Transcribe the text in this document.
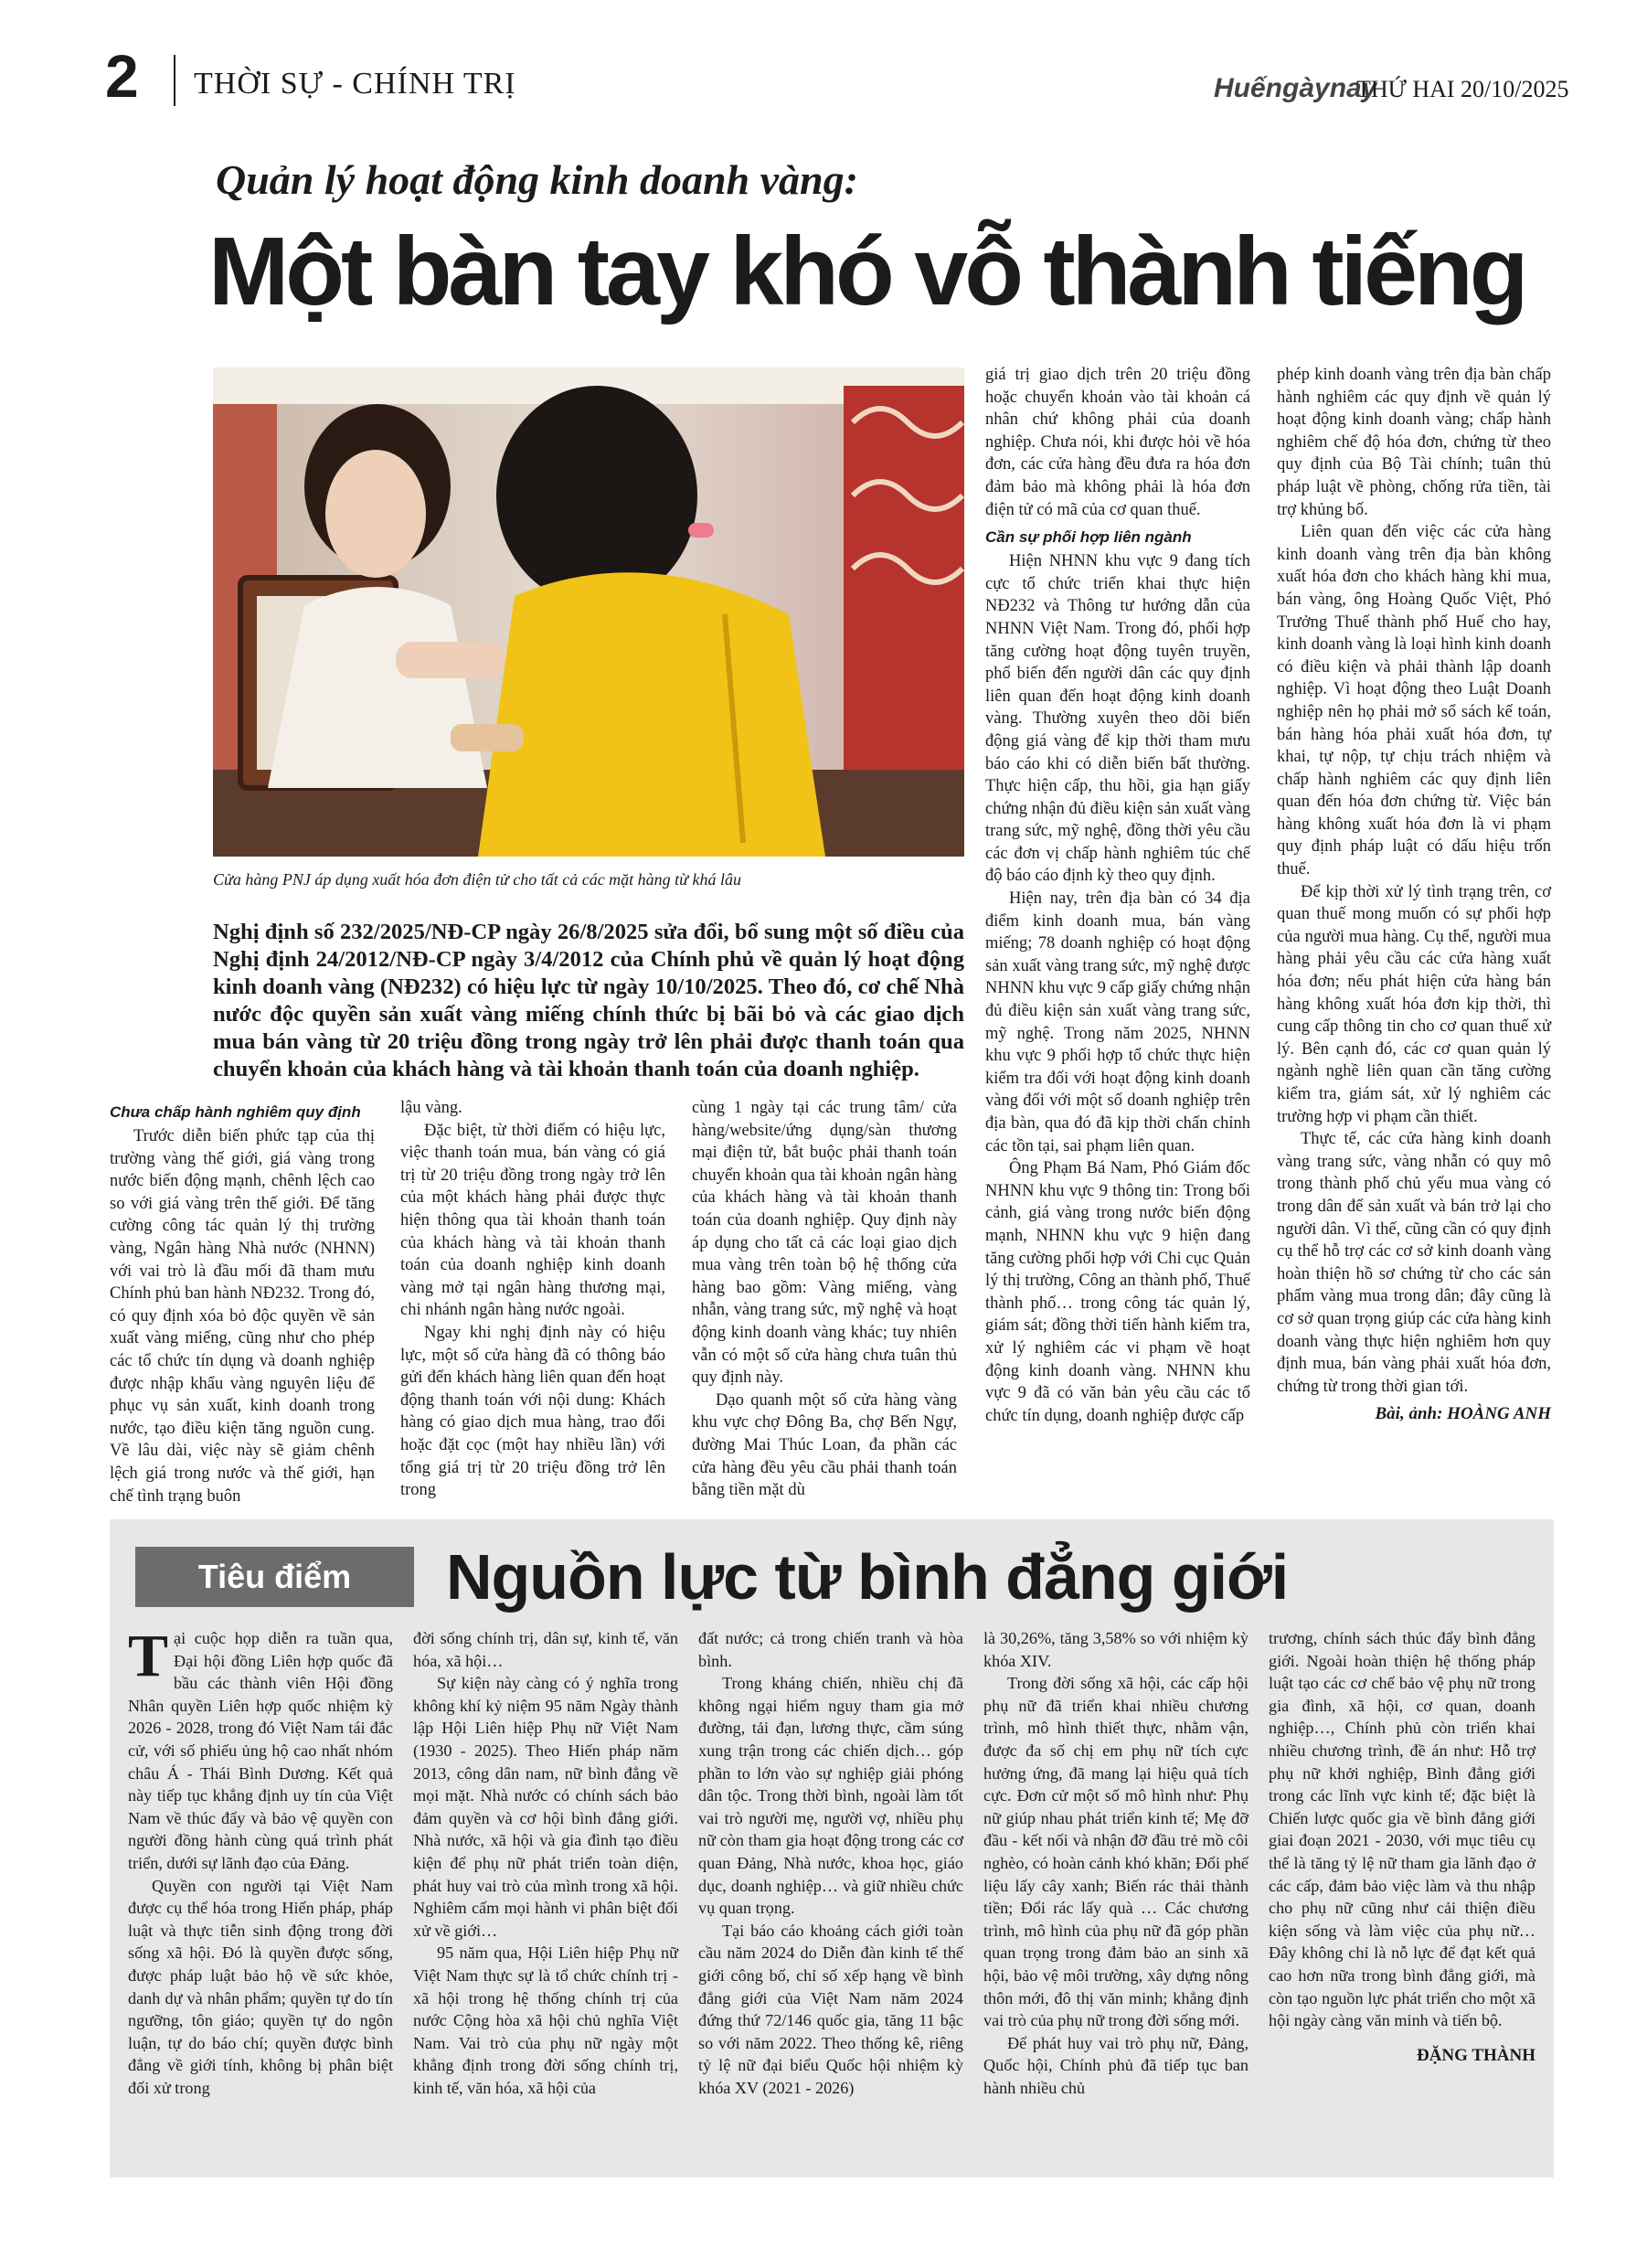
2 THỜI SỰ - CHÍNH TRỊ	Huếngàynay
THỨ HAI 20/10/2025
Quản lý hoạt động kinh doanh vàng:
Một bàn tay khó vỗ thành tiếng
Cửa hàng PNJ áp dụng xuất hóa đơn điện tử cho tất cả các mặt hàng từ khá lâu
Nghị định số 232/2025/NĐ-CP ngày 26/8/2025 sửa đổi, bổ sung một số điều của Nghị định 24/2012/NĐ-CP ngày 3/4/2012 của Chính phủ về quản lý hoạt động kinh doanh vàng (NĐ232) có hiệu lực từ ngày 10/10/2025. Theo đó, cơ chế Nhà nước độc quyền sản xuất vàng miếng chính thức bị bãi bỏ và các giao dịch mua bán vàng từ 20 triệu đồng trong ngày trở lên phải được thanh toán qua chuyển khoản của khách hàng và tài khoản thanh toán của doanh nghiệp.
Chưa chấp hành nghiêm quy định

Trước diễn biến phức tạp của thị trường vàng thế giới, giá vàng trong nước biến động mạnh, chênh lệch cao so với giá vàng trên thế giới. Để tăng cường công tác quản lý thị trường vàng, Ngân hàng Nhà nước (NHNN) với vai trò là đầu mối đã tham mưu Chính phủ ban hành NĐ232. Trong đó, có quy định xóa bỏ độc quyền về sản xuất vàng miếng, cũng như cho phép các tổ chức tín dụng và doanh nghiệp được nhập khẩu vàng nguyên liệu để phục vụ sản xuất, kinh doanh trong nước, tạo điều kiện tăng nguồn cung. Về lâu dài, việc này sẽ giảm chênh lệch giá trong nước và thế giới, hạn chế tình trạng buôn

lậu vàng.

Đặc biệt, từ thời điểm có hiệu lực, việc thanh toán mua, bán vàng có giá trị từ 20 triệu đồng trong ngày trở lên của một khách hàng phải được thực hiện thông qua tài khoản thanh toán của khách hàng và tài khoản thanh toán của doanh nghiệp kinh doanh vàng mở tại ngân hàng thương mại, chi nhánh ngân hàng nước ngoài.

Ngay khi nghị định này có hiệu lực, một số cửa hàng đã có thông báo gửi đến khách hàng liên quan đến hoạt động thanh toán với nội dung: Khách hàng có giao dịch mua hàng, trao đổi hoặc đặt cọc (một hay nhiều lần) với tổng giá trị từ 20 triệu đồng trở lên trong

cùng 1 ngày tại các trung tâm/ cửa hàng/website/ứng dụng/sàn thương mại điện tử, bắt buộc phải thanh toán chuyển khoản qua tài khoản ngân hàng của khách hàng và tài khoản thanh toán của doanh nghiệp. Quy định này áp dụng cho tất cả các loại giao dịch mua vàng trên toàn bộ hệ thống cửa hàng bao gồm: Vàng miếng, vàng nhẫn, vàng trang sức, mỹ nghệ và hoạt động kinh doanh vàng khác; tuy nhiên vẫn có một số cửa hàng chưa tuân thủ quy định này.

Dạo quanh một số cửa hàng vàng khu vực chợ Đông Ba, chợ Bến Ngự, đường Mai Thúc Loan, đa phần các cửa hàng đều yêu cầu phải thanh toán bằng tiền mặt dù

giá trị giao dịch trên 20 triệu đồng hoặc chuyển khoản vào tài khoản cá nhân chứ không phải của doanh nghiệp. Chưa nói, khi được hỏi về hóa đơn, các cửa hàng đều đưa ra hóa đơn đảm bảo mà không phải là hóa đơn điện tử có mã của cơ quan thuế.

Cần sự phối hợp liên ngành

Hiện NHNN khu vực 9 đang tích cực tổ chức triển khai thực hiện NĐ232 và Thông tư hướng dẫn của NHNN Việt Nam. Trong đó, phối hợp tăng cường hoạt động tuyên truyền, phổ biến đến người dân các quy định liên quan đến hoạt động kinh doanh vàng. Thường xuyên theo dõi biến động giá vàng để kịp thời tham mưu báo cáo khi có diễn biến bất thường. Thực hiện cấp, thu hồi, gia hạn giấy chứng nhận đủ điều kiện sản xuất vàng trang sức, mỹ nghệ, đồng thời yêu cầu các đơn vị chấp hành nghiêm túc chế độ báo cáo định kỳ theo quy định.

Hiện nay, trên địa bàn có 34 địa điểm kinh doanh mua, bán vàng miếng; 78 doanh nghiệp có hoạt động sản xuất vàng trang sức, mỹ nghệ được NHNN khu vực 9 cấp giấy chứng nhận đủ điều kiện sản xuất vàng trang sức, mỹ nghệ. Trong năm 2025, NHNN khu vực 9 phối hợp tổ chức thực hiện kiểm tra đối với hoạt động kinh doanh vàng đối với một số doanh nghiệp trên địa bàn, qua đó đã kịp thời chấn chỉnh các tồn tại, sai phạm liên quan.

Ông Phạm Bá Nam, Phó Giám đốc NHNN khu vực 9 thông tin: Trong bối cảnh, giá vàng trong nước biến động mạnh, NHNN khu vực 9 hiện đang tăng cường phối hợp với Chi cục Quản lý thị trường, Công an thành phố, Thuế thành phố… trong công tác quản lý, giám sát; đồng thời tiến hành kiểm tra, xử lý nghiêm các vi phạm về hoạt động kinh doanh vàng. NHNN khu vực 9 đã có văn bản yêu cầu các tổ chức tín dụng, doanh nghiệp được cấp

phép kinh doanh vàng trên địa bàn chấp hành nghiêm các quy định về quản lý hoạt động kinh doanh vàng; chấp hành nghiêm chế độ hóa đơn, chứng từ theo quy định của Bộ Tài chính; tuân thủ pháp luật về phòng, chống rửa tiền, tài trợ khủng bố.

Liên quan đến việc các cửa hàng kinh doanh vàng trên địa bàn không xuất hóa đơn cho khách hàng khi mua, bán vàng, ông Hoàng Quốc Việt, Phó Trưởng Thuế thành phố Huế cho hay, kinh doanh vàng là loại hình kinh doanh có điều kiện và phải thành lập doanh nghiệp. Vì hoạt động theo Luật Doanh nghiệp nên họ phải mở sổ sách kế toán, bán hàng hóa phải xuất hóa đơn, tự khai, tự nộp, tự chịu trách nhiệm và chấp hành nghiêm các quy định liên quan đến hóa đơn chứng từ. Việc bán hàng không xuất hóa đơn là vi phạm quy định pháp luật có dấu hiệu trốn thuế.

Để kịp thời xử lý tình trạng trên, cơ quan thuế mong muốn có sự phối hợp của người mua hàng. Cụ thể, người mua hàng phải yêu cầu các cửa hàng xuất hóa đơn; nếu phát hiện cửa hàng bán hàng không xuất hóa đơn kịp thời, thì cung cấp thông tin cho cơ quan thuế xử lý. Bên cạnh đó, các cơ quan quản lý ngành nghề liên quan cần tăng cường kiểm tra, giám sát, xử lý nghiêm các trường hợp vi phạm cần thiết.

Thực tế, các cửa hàng kinh doanh vàng trang sức, vàng nhẫn có quy mô trong thành phố chủ yếu mua vàng có trong dân để sản xuất và bán trở lại cho người dân. Vì thế, cũng cần có quy định cụ thể hỗ trợ các cơ sở kinh doanh vàng hoàn thiện hồ sơ chứng từ cho các sản phẩm vàng mua trong dân; đây cũng là cơ sở quan trọng giúp các cửa hàng kinh doanh vàng thực hiện nghiêm hơn quy định mua, bán vàng phải xuất hóa đơn, chứng từ trong thời gian tới.

Bài, ảnh: HOÀNG ANH
Tiêu điểm	Nguồn lực từ bình đẳng giới

Tại cuộc họp diễn ra tuần qua, Đại hội đồng Liên hợp quốc đã bầu các thành viên Hội đồng Nhân quyền Liên hợp quốc nhiệm kỳ 2026 - 2028, trong đó Việt Nam tái đắc cử, với số phiếu ủng hộ cao nhất nhóm châu Á - Thái Bình Dương. Kết quả này tiếp tục khẳng định uy tín của Việt Nam về thúc đẩy và bảo vệ quyền con người đồng hành cùng quá trình phát triển, dưới sự lãnh đạo của Đảng.

Quyền con người tại Việt Nam được cụ thể hóa trong Hiến pháp, pháp luật và thực tiễn sinh động trong đời sống xã hội. Đó là quyền được sống, được pháp luật bảo hộ về sức khỏe, danh dự và nhân phẩm; quyền tự do tín ngưỡng, tôn giáo; quyền tự do ngôn luận, tự do báo chí; quyền được bình đẳng về giới tính, không bị phân biệt đối xử trong

đời sống chính trị, dân sự, kinh tế, văn hóa, xã hội…

Sự kiện này càng có ý nghĩa trong không khí kỷ niệm 95 năm Ngày thành lập Hội Liên hiệp Phụ nữ Việt Nam (1930 - 2025). Theo Hiến pháp năm 2013, công dân nam, nữ bình đẳng về mọi mặt. Nhà nước có chính sách bảo đảm quyền và cơ hội bình đẳng giới. Nhà nước, xã hội và gia đình tạo điều kiện để phụ nữ phát triển toàn diện, phát huy vai trò của mình trong xã hội. Nghiêm cấm mọi hành vi phân biệt đối xử về giới…

95 năm qua, Hội Liên hiệp Phụ nữ Việt Nam thực sự là tổ chức chính trị - xã hội trong hệ thống chính trị của nước Cộng hòa xã hội chủ nghĩa Việt Nam. Vai trò của phụ nữ ngày một khẳng định trong đời sống chính trị, kinh tế, văn hóa, xã hội của

đất nước; cả trong chiến tranh và hòa bình.

Trong kháng chiến, nhiều chị đã không ngại hiểm nguy tham gia mở đường, tải đạn, lương thực, cầm súng xung trận trong các chiến dịch… góp phần to lớn vào sự nghiệp giải phóng dân tộc. Trong thời bình, ngoài làm tốt vai trò người mẹ, người vợ, nhiều phụ nữ còn tham gia hoạt động trong các cơ quan Đảng, Nhà nước, khoa học, giáo dục, doanh nghiệp… và giữ nhiều chức vụ quan trọng.

Tại báo cáo khoảng cách giới toàn cầu năm 2024 do Diễn đàn kinh tế thế giới công bố, chỉ số xếp hạng về bình đẳng giới của Việt Nam năm 2024 đứng thứ 72/146 quốc gia, tăng 11 bậc so với năm 2022. Theo thống kê, riêng tỷ lệ nữ đại biểu Quốc hội nhiệm kỳ khóa XV (2021 - 2026)

là 30,26%, tăng 3,58% so với nhiệm kỳ khóa XIV.

Trong đời sống xã hội, các cấp hội phụ nữ đã triển khai nhiều chương trình, mô hình thiết thực, nhằm vận, được đa số chị em phụ nữ tích cực hưởng ứng, đã mang lại hiệu quả tích cực. Đơn cử một số mô hình như: Phụ nữ giúp nhau phát triển kinh tế; Mẹ đỡ đầu - kết nối và nhận đỡ đầu trẻ mồ côi nghèo, có hoàn cảnh khó khăn; Đổi phế liệu lấy cây xanh; Biến rác thải thành tiền; Đổi rác lấy quà … Các chương trình, mô hình của phụ nữ đã góp phần quan trọng trong đảm bảo an sinh xã hội, bảo vệ môi trường, xây dựng nông thôn mới, đô thị văn minh; khẳng định vai trò của phụ nữ trong đời sống mới.

Để phát huy vai trò phụ nữ, Đảng, Quốc hội, Chính phủ đã tiếp tục ban hành nhiều chủ

trương, chính sách thúc đẩy bình đẳng giới. Ngoài hoàn thiện hệ thống pháp luật tạo các cơ chế bảo vệ phụ nữ trong gia đình, xã hội, cơ quan, doanh nghiệp…, Chính phủ còn triển khai nhiều chương trình, đề án như: Hỗ trợ phụ nữ khởi nghiệp, Bình đẳng giới trong các lĩnh vực kinh tế; đặc biệt là Chiến lược quốc gia về bình đẳng giới giai đoạn 2021 - 2030, với mục tiêu cụ thể là tăng tỷ lệ nữ tham gia lãnh đạo ở các cấp, đảm bảo việc làm và thu nhập cho phụ nữ cũng như cải thiện điều kiện sống và làm việc của phụ nữ… Đây không chỉ là nỗ lực để đạt kết quả cao hơn nữa trong bình đẳng giới, mà còn tạo nguồn lực phát triển cho một xã hội ngày càng văn minh và tiến bộ.

ĐẶNG THÀNH
